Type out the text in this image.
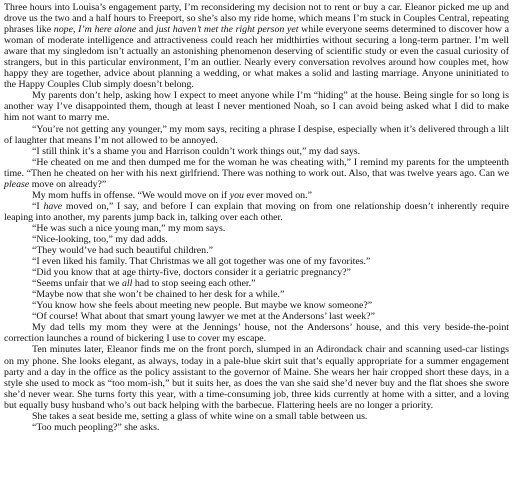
Three hours into Louisa’s engagement party, I’m reconsidering my decision not to rent or buy a car. Eleanor picked me up and drove us the two and a half hours to Freeport, so she’s also my ride home, which means I’m stuck in Couples Central, repeating phrases like nope, I’m here alone and just haven’t met the right person yet while everyone seems determined to discover how a woman of moderate intelligence and attractiveness could reach her midthirties without securing a long-term partner. I’m well aware that my singledom isn’t actually an astonishing phenomenon deserving of scientific study or even the casual curiosity of strangers, but in this particular environment, I’m an outlier. Nearly every conversation revolves around how couples met, how happy they are together, advice about planning a wedding, or what makes a solid and lasting marriage. Anyone uninitiated to the Happy Couples Club simply doesn’t belong.

My parents don’t help, asking how I expect to meet anyone while I’m “hiding” at the house. Being single for so long is another way I’ve disappointed them, though at least I never mentioned Noah, so I can avoid being asked what I did to make him not want to marry me.

“You’re not getting any younger,” my mom says, reciting a phrase I despise, especially when it’s delivered through a lilt of laughter that means I’m not allowed to be annoyed.

“I still think it’s a shame you and Harrison couldn’t work things out,” my dad says.

“He cheated on me and then dumped me for the woman he was cheating with,” I remind my parents for the umpteenth time. “Then he cheated on her with his next girlfriend. There was nothing to work out. Also, that was twelve years ago. Can we please move on already?”

My mom huffs in offense. “We would move on if you ever moved on.”

“I have moved on,” I say, and before I can explain that moving on from one relationship doesn’t inherently require leaping into another, my parents jump back in, talking over each other.

“He was such a nice young man,” my mom says.

“Nice-looking, too,” my dad adds.

“They would’ve had such beautiful children.”

“I even liked his family. That Christmas we all got together was one of my favorites.”

“Did you know that at age thirty-five, doctors consider it a geriatric pregnancy?”

“Seems unfair that we all had to stop seeing each other.”

“Maybe now that she won’t be chained to her desk for a while.”

“You know how she feels about meeting new people. But maybe we know someone?”

“Of course! What about that smart young lawyer we met at the Andersons’ last week?”

My dad tells my mom they were at the Jennings’ house, not the Andersons’ house, and this very beside-the-point correction launches a round of bickering I use to cover my escape.

Ten minutes later, Eleanor finds me on the front porch, slumped in an Adirondack chair and scanning used-car listings on my phone. She looks elegant, as always, today in a pale-blue skirt suit that’s equally appropriate for a summer engagement party and a day in the office as the policy assistant to the governor of Maine. She wears her hair cropped short these days, in a style she used to mock as “too mom-ish,” but it suits her, as does the van she said she’d never buy and the flat shoes she swore she’d never wear. She turns forty this year, with a time-consuming job, three kids currently at home with a sitter, and a loving but equally busy husband who’s out back helping with the barbecue. Flattering heels are no longer a priority.

She takes a seat beside me, setting a glass of white wine on a small table between us.

“Too much peopling?” she asks.
